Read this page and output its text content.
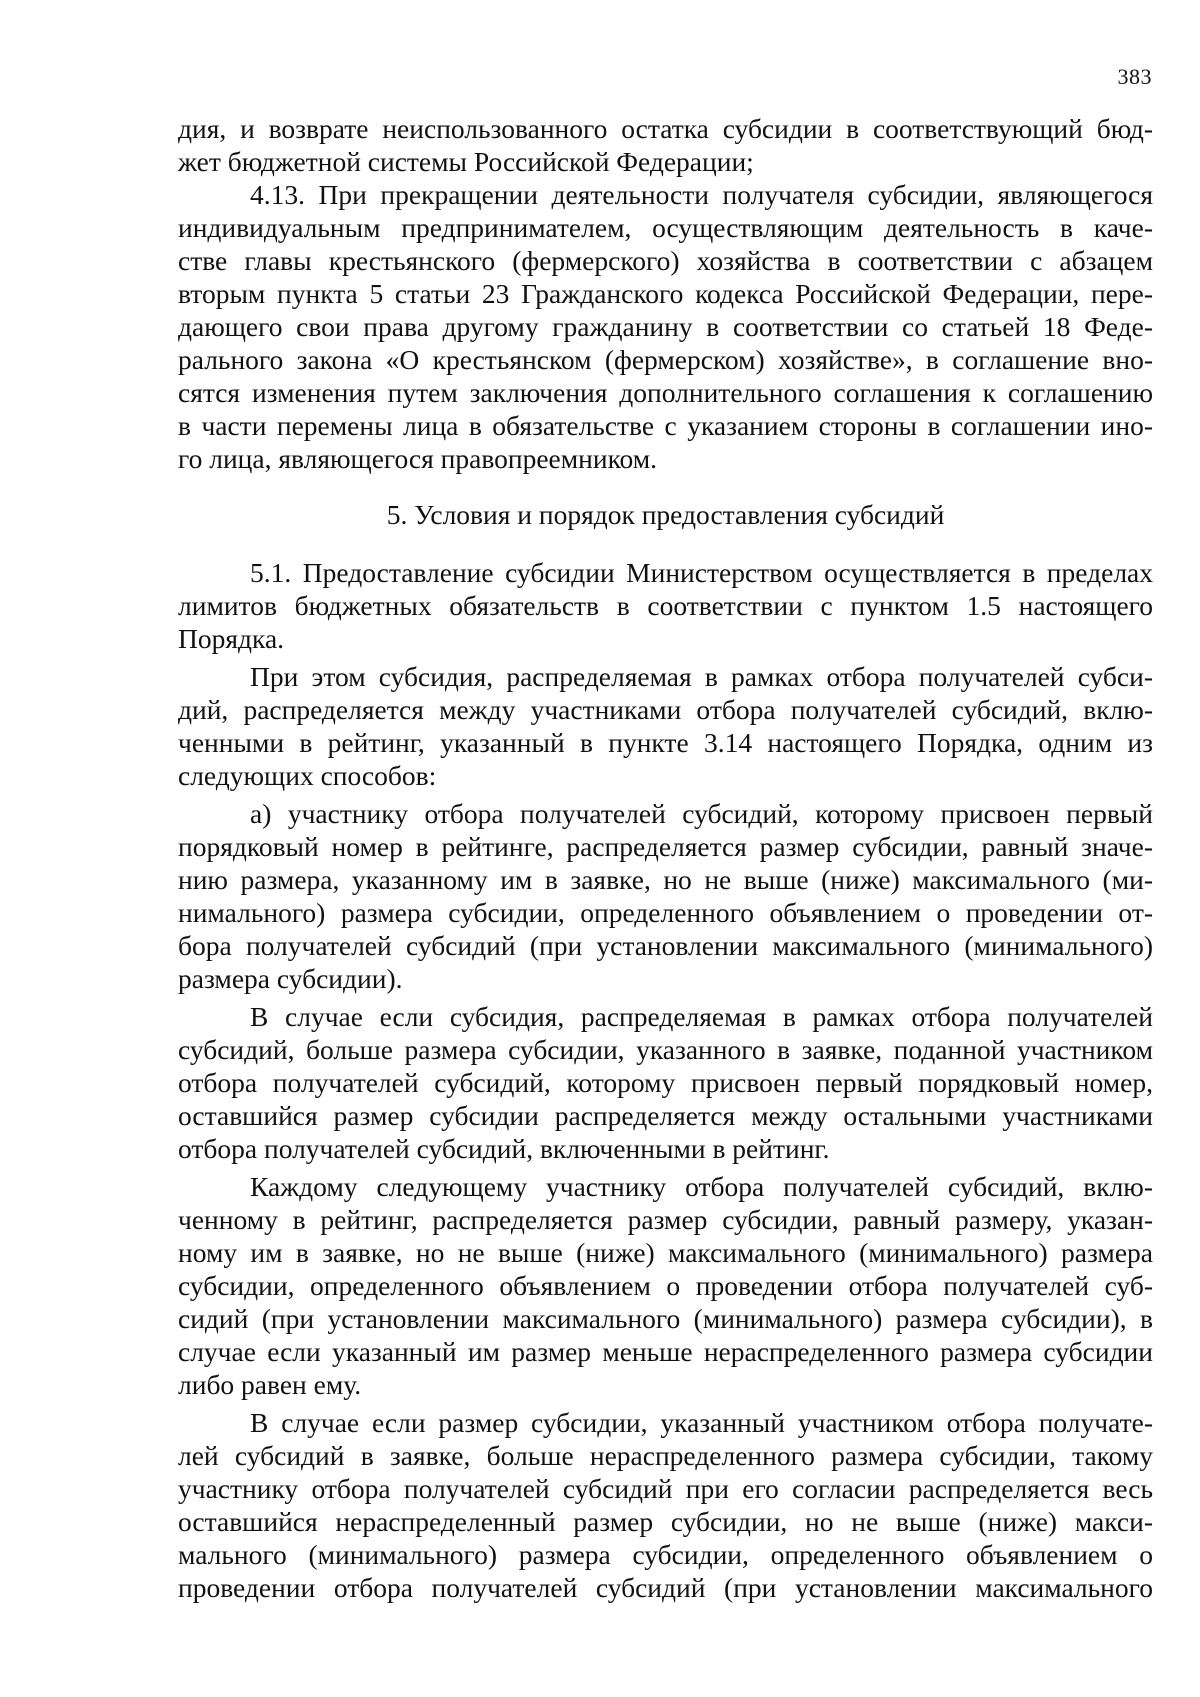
383
дия, и возврате неиспользованного остатка субсидии в соответствующий бюд-
жет бюджетной системы Российской Федерации;
4.13. При прекращении деятельности получателя субсидии, являющегося
индивидуальным предпринимателем, осуществляющим деятельность в каче-
стве главы крестьянского (фермерского) хозяйства в соответствии с абзацем
вторым пункта 5 статьи 23 Гражданского кодекса Российской Федерации, пере-
дающего свои права другому гражданину в соответствии со статьей 18 Феде-
рального закона «О крестьянском (фермерском) хозяйстве», в соглашение вно-
сятся изменения путем заключения дополнительного соглашения к соглашению
в части перемены лица в обязательстве с указанием стороны в соглашении ино-
го лица, являющегося правопреемником.
5. Условия и порядок предоставления субсидий
5.1. Предоставление субсидии Министерством осуществляется в пределах
лимитов бюджетных обязательств в соответствии с пунктом 1.5 настоящего
Порядка.
При этом субсидия, распределяемая в рамках отбора получателей субси-
дий, распределяется между участниками отбора получателей субсидий, вклю-
ченными в рейтинг, указанный в пункте 3.14 настоящего Порядка, одним из
следующих способов:
а) участнику отбора получателей субсидий, которому присвоен первый
порядковый номер в рейтинге, распределяется размер субсидии, равный значе-
нию размера, указанному им в заявке, но не выше (ниже) максимального (ми-
нимального) размера субсидии, определенного объявлением о проведении от-
бора получателей субсидий (при установлении максимального (минимального)
размера субсидии).
В случае если субсидия, распределяемая в рамках отбора получателей
субсидий, больше размера субсидии, указанного в заявке, поданной участником
отбора получателей субсидий, которому присвоен первый порядковый номер,
оставшийся размер субсидии распределяется между остальными участниками
отбора получателей субсидий, включенными в рейтинг.
Каждому следующему участнику отбора получателей субсидий, вклю-
ченному в рейтинг, распределяется размер субсидии, равный размеру, указан-
ному им в заявке, но не выше (ниже) максимального (минимального) размера
субсидии, определенного объявлением о проведении отбора получателей суб-
сидий (при установлении максимального (минимального) размера субсидии), в
случае если указанный им размер меньше нераспределенного размера субсидии
либо равен ему.
В случае если размер субсидии, указанный участником отбора получате-
лей субсидий в заявке, больше нераспределенного размера субсидии, такому
участнику отбора получателей субсидий при его согласии распределяется весь
оставшийся нераспределенный размер субсидии, но не выше (ниже) макси-
мального (минимального) размера субсидии, определенного объявлением о
проведении отбора получателей субсидий (при установлении максимального
